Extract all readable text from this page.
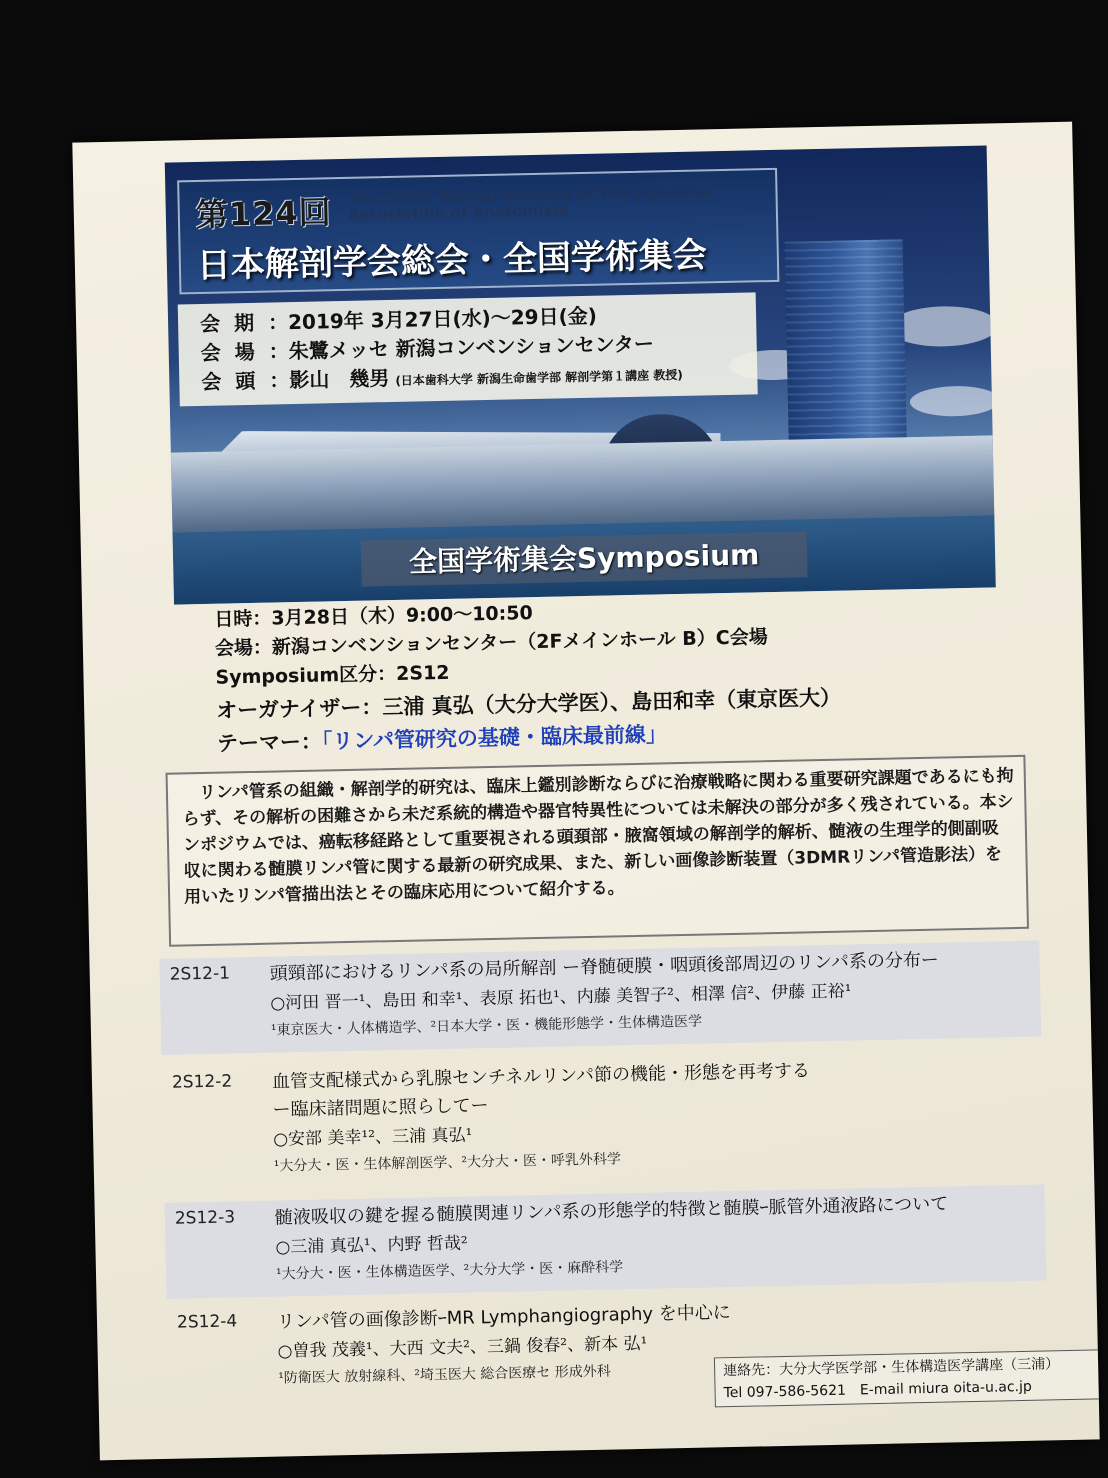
第124回 The 124th Annual Meeting of The Japanese Association of Anatomists
日本解剖学会総会・全国学術集会
会期：2019年 3月27日(水)～29日(金)
会場：朱鷺メッセ 新潟コンベンションセンター
会頭：影山　幾男 (日本歯科大学 新潟生命歯学部 解剖学第１講座 教授)
全国学術集会Symposium
日時：3月28日（木）9:00～10:50
会場：新潟コンベンションセンター（2Fメインホール B）C会場
Symposium区分：2S12
オーガナイザー：三浦 真弘（大分大学医）、島田和幸（東京医大）
テーマー：「リンパ管研究の基礎・臨床最前線」
リンパ管系の組織・解剖学的研究は、臨床上鑑別診断ならびに治療戦略に関わる重要研究課題であるにも拘らず、その解析の困難さから未だ系統的構造や器官特異性については未解決の部分が多く残されている。本シンポジウムでは、癌転移経路として重要視される頭頚部・腋窩領域の解剖学的解析、髄液の生理学的側副吸収に関わる髄膜リンパ管に関する最新の研究成果、また、新しい画像診断装置（3DMRリンパ管造影法）を用いたリンパ管描出法とその臨床応用について紹介する。
2S12-1 頭頸部におけるリンパ系の局所解剖 ー脊髄硬膜・咽頭後部周辺のリンパ系の分布ー
○河田 晋一¹、島田 和幸¹、表原 拓也¹、内藤 美智子²、相澤 信²、伊藤 正裕¹
¹東京医大・人体構造学、²日本大学・医・機能形態学・生体構造医学
2S12-2 血管支配様式から乳腺センチネルリンパ節の機能・形態を再考する
ー臨床諸問題に照らしてー
○安部 美幸¹²、三浦 真弘¹
¹大分大・医・生体解剖医学、²大分大・医・呼乳外科学
2S12-3 髄液吸収の鍵を握る髄膜関連リンパ系の形態学的特徴と髄膜ｰ脈管外通液路について
○三浦 真弘¹、内野 哲哉²
¹大分大・医・生体構造医学、²大分大学・医・麻酔科学
2S12-4 リンパ管の画像診断ｰMR Lymphangiography を中心に
○曽我 茂義¹、大西 文夫²、三鍋 俊春²、新本 弘¹
¹防衛医大 放射線科、²埼玉医大 総合医療セ 形成外科	連絡先：大分大学医学部・生体構造医学講座（三浦）
Tel 097-586-5621　E-mail miura oita-u.ac.jp
